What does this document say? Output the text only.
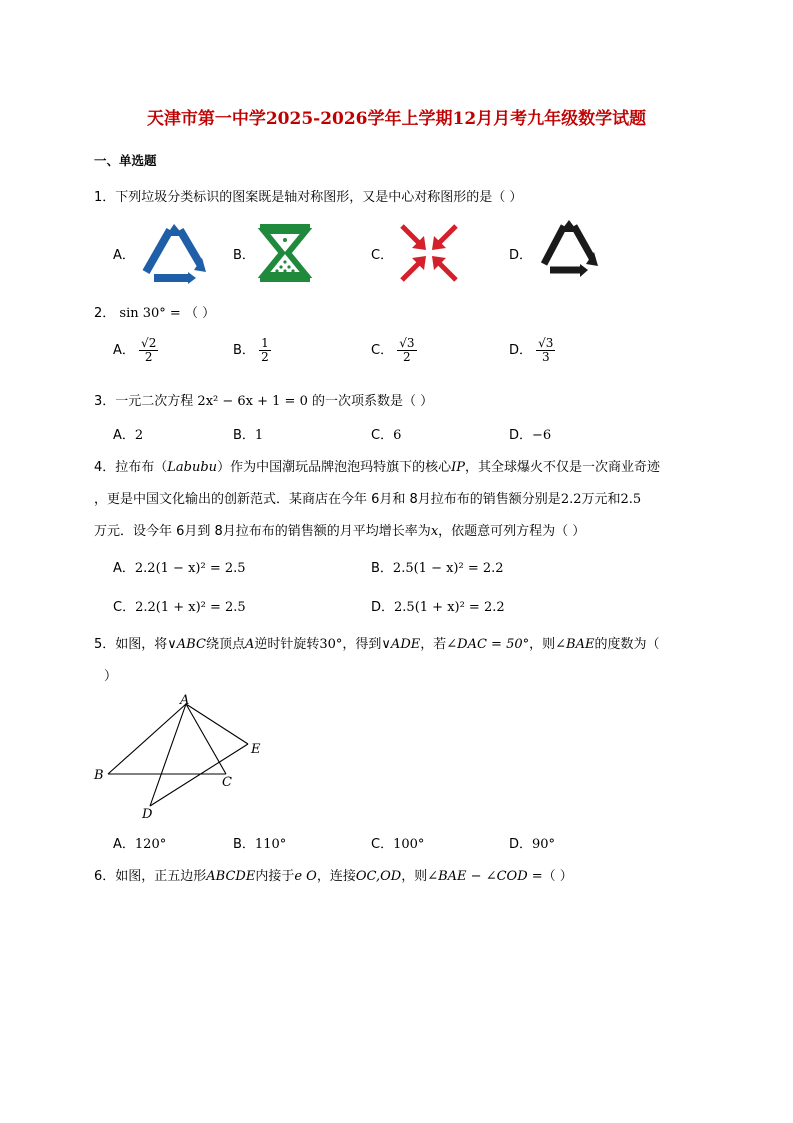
天津市第一中学2025-2026学年上学期12月月考九年级数学试题
一、单选题
1．下列垃圾分类标识的图案既是轴对称图形，又是中心对称图形的是（ ）
A．	B．	C．	D．
2． sin 30° = （ ）
A． $\frac{√2}{2}$	B． $\frac{1}{2}$	C． $\frac{√3}{2}$	D． $\frac{√3}{3}$
3．一元二次方程 2x² − 6x + 1 = 0 的一次项系数是（ ）
A．2	B．1	C．6	D．−6
4．拉布布（Labubu）作为中国潮玩品牌泡泡玛特旗下的核心IP，其全球爆火不仅是一次商业奇迹
，更是中国文化输出的创新范式．某商店在今年 6月和 8月拉布布的销售额分别是2.2万元和2.5
万元．设今年 6月到 8月拉布布的销售额的月平均增长率为x，依题意可列方程为（ ）
A．2.2(1 − x)² = 2.5	B．2.5(1 − x)² = 2.2
C．2.2(1 + x)² = 2.5	D．2.5(1 + x)² = 2.2
5．如图，将∨ABC绕顶点A逆时针旋转30°，得到∨ADE，若∠DAC = 50°，则∠BAE的度数为（
）
A
B	C
D
E
A．120°	B．110°	C．100°	D．90°
6．如图，正五边形ABCDE内接于e O，连接OC,OD，则∠BAE − ∠COD =（ ）
